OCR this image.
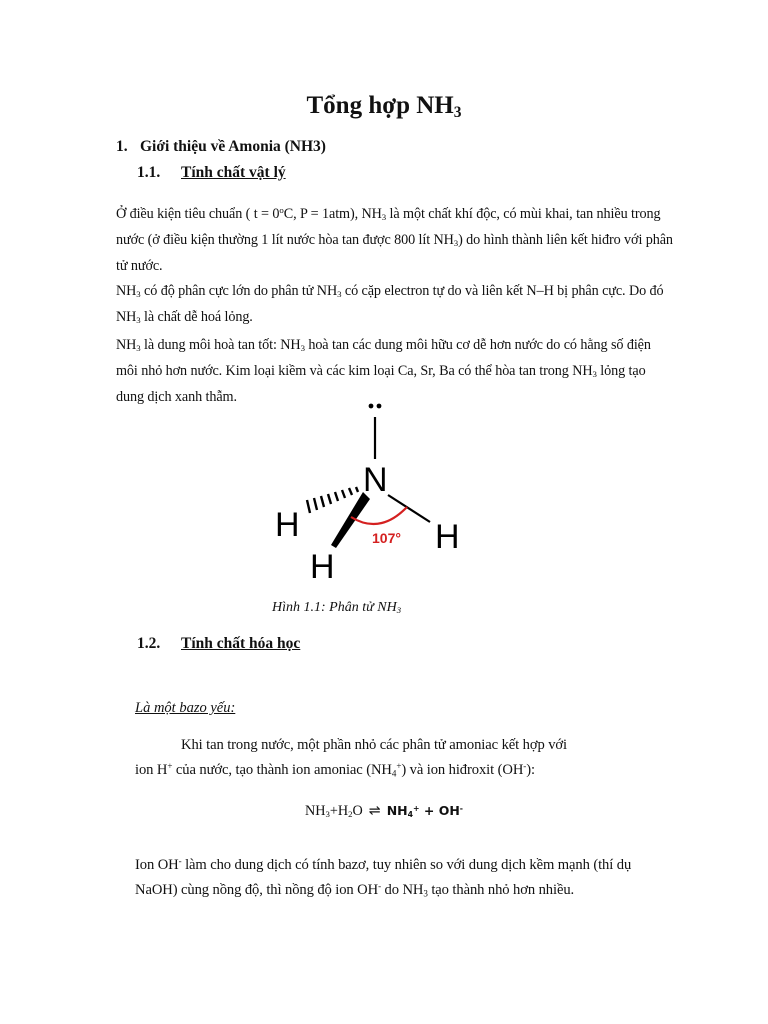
Tổng hợp $NH_3$
1. Giới thiệu về Amonia (NH3)
1.1. Tính chất vật lý
Ở điều kiện tiêu chuẩn ( $t = 0^oC$, P = 1atm), $NH_3$ là một chất khí độc, có mùi khai, tan nhiều trong nước (ở điều kiện thường 1 lít nước hòa tan được 800 lít $NH_3$) do hình thành liên kết hiđro với phân tử nước.
$NH_3$ có độ phân cực lớn do phân tử $NH_3$ có cặp electron tự do và liên kết N–H bị phân cực. Do đó $NH_3$ là chất dễ hoá lỏng.
$NH_3$ là dung môi hoà tan tốt: $NH_3$ hoà tan các dung môi hữu cơ dễ hơn nước do có hằng số điện môi nhỏ hơn nước. Kim loại kiềm và các kim loại Ca, Sr, Ba có thể hòa tan trong $NH_3$ lỏng tạo dung dịch xanh thẫm.
N
H
H
H
107°
Hình 1.1: Phân tử $NH_3$
1.2. Tính chất hóa học
Là một bazo yếu:
Khi tan trong nước, một phần nhỏ các phân tử amoniac kết hợp với
ion H+ của nước, tạo thành ion amoniac $(NH_4^+)$ và ion hiđroxit (OH-):
$NH_3+H_2O$ ⇌ $NH_4^+ + OH^-$
Ion OH- làm cho dung dịch có tính bazơ, tuy nhiên so với dung dịch kềm mạnh (thí dụ NaOH) cùng nồng độ, thì nồng độ ion OH- do $NH_3$ tạo thành nhỏ hơn nhiều.
